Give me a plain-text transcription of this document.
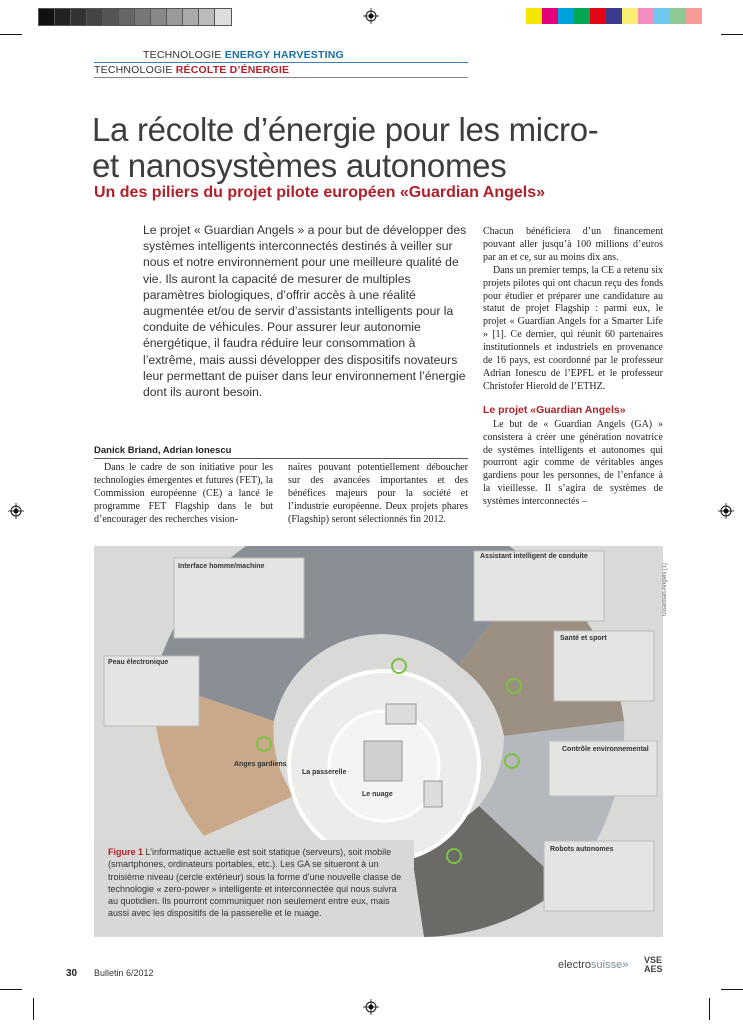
TECHNOLOGIE ENERGY HARVESTING
TECHNOLOGIE RÉCOLTE D’ÉNERGIE
La récolte d’énergie pour les micro-
et nanosystèmes autonomes
Un des piliers du projet pilote européen «Guardian Angels»

Le projet « Guardian Angels » a pour but de développer des systèmes intelligents interconnectés destinés à veiller sur nous et notre environnement pour une meilleure qualité de vie. Ils auront la capacité de mesurer de multiples paramètres biologiques, d’offrir accès à une réalité augmentée et/ou de servir d’assistants intelligents pour la conduite de véhicules. Pour assurer leur autonomie énergétique, il faudra réduire leur consommation à l’extrême, mais aussi développer des dispositifs novateurs leur permettant de puiser dans leur environnement l’énergie dont ils auront besoin.

Danick Briand, Adrian Ionescu

Dans le cadre de son initiative pour les technologies émergentes et futures (FET), la Commission européenne (CE) a lancé le programme FET Flagship dans le but d’encourager des recherches vision-

naires pouvant potentiellement déboucher sur des avancées importantes et des bénéfices majeurs pour la société et l’industrie européenne. Deux projets phares (Flagship) seront sélectionnés fin 2012.

Chacun bénéficiera d’un financement pouvant aller jusqu’à 100 millions d’euros par an et ce, sur au moins dix ans.

Dans un premier temps, la CE a retenu six projets pilotes qui ont chacun reçu des fonds pour étudier et préparer une candidature au statut de projet Flagship : parmi eux, le projet « Guardian Angels for a Smarter Life » [1]. Ce dernier, qui réunit 60 partenaires institutionnels et industriels en provenance de 16 pays, est coordonné par le professeur Adrian Ionescu de l’EPFL et le professeur Christofer Hierold de l’ETHZ.

Le projet «Guardian Angels»

Le but de « Guardian Angels (GA) » consistera à créer une génération novatrice de systèmes intelligents et autonomes qui pourront agir comme de véritables anges gardiens pour les personnes, de l’enfance à la vieillesse. Il s’agira de systèmes de systèmes interconnectés –

Interface homme/machine
Assistant intelligent de conduite
Peau électronique
Santé et sport
Anges gardiens
La passerelle
Le nuage
Contrôle environnemental
Robots autonomes
Guardian Angels [1]

Figure 1 L’informatique actuelle est soit statique (serveurs), soit mobile (smartphones, ordinateurs portables, etc.). Les GA se situeront à un troisième niveau (cercle extérieur) sous la forme d’une nouvelle classe de technologie « zero-power » intelligente et interconnectée qui nous suivra au quotidien. Ils pourront communiquer non seulement entre eux, mais aussi avec les dispositifs de la passerelle et le nuage.

30 Bulletin 6/2012
electrosuisse» VSE
AES
